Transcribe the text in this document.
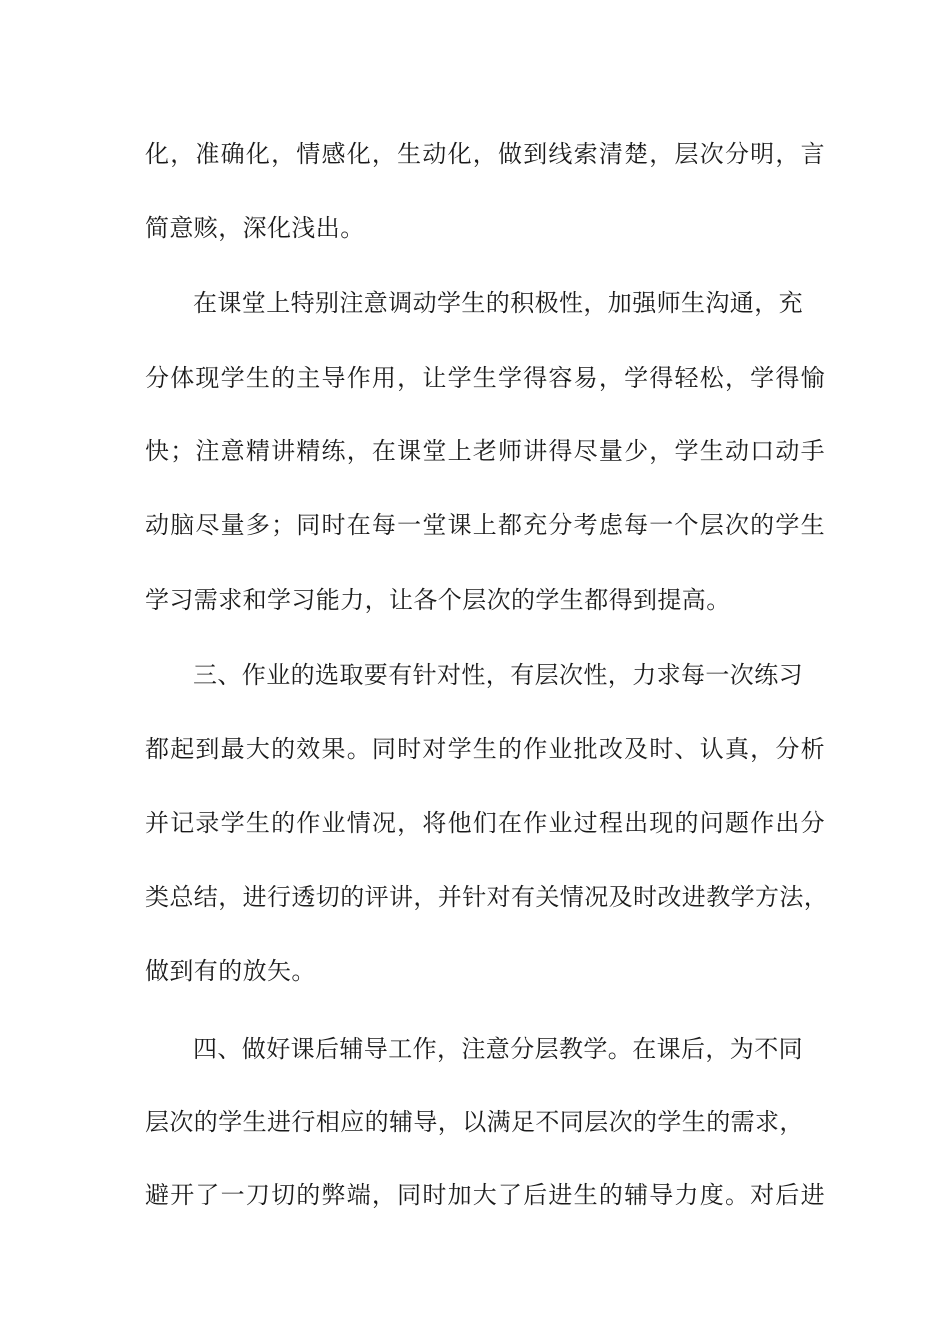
化，准确化，情感化，生动化，做到线索清楚，层次分明，言
简意赅，深化浅出。
在课堂上特别注意调动学生的积极性，加强师生沟通，充
分体现学生的主导作用，让学生学得容易，学得轻松，学得愉
快；注意精讲精练，在课堂上老师讲得尽量少，学生动口动手
动脑尽量多；同时在每一堂课上都充分考虑每一个层次的学生
学习需求和学习能力，让各个层次的学生都得到提高。
三、作业的选取要有针对性，有层次性，力求每一次练习
都起到最大的效果。同时对学生的作业批改及时、认真，分析
并记录学生的作业情况，将他们在作业过程出现的问题作出分
类总结，进行透切的评讲，并针对有关情况及时改进教学方法，
做到有的放矢。
四、做好课后辅导工作，注意分层教学。在课后，为不同
层次的学生进行相应的辅导，以满足不同层次的学生的需求，
避开了一刀切的弊端，同时加大了后进生的辅导力度。对后进
